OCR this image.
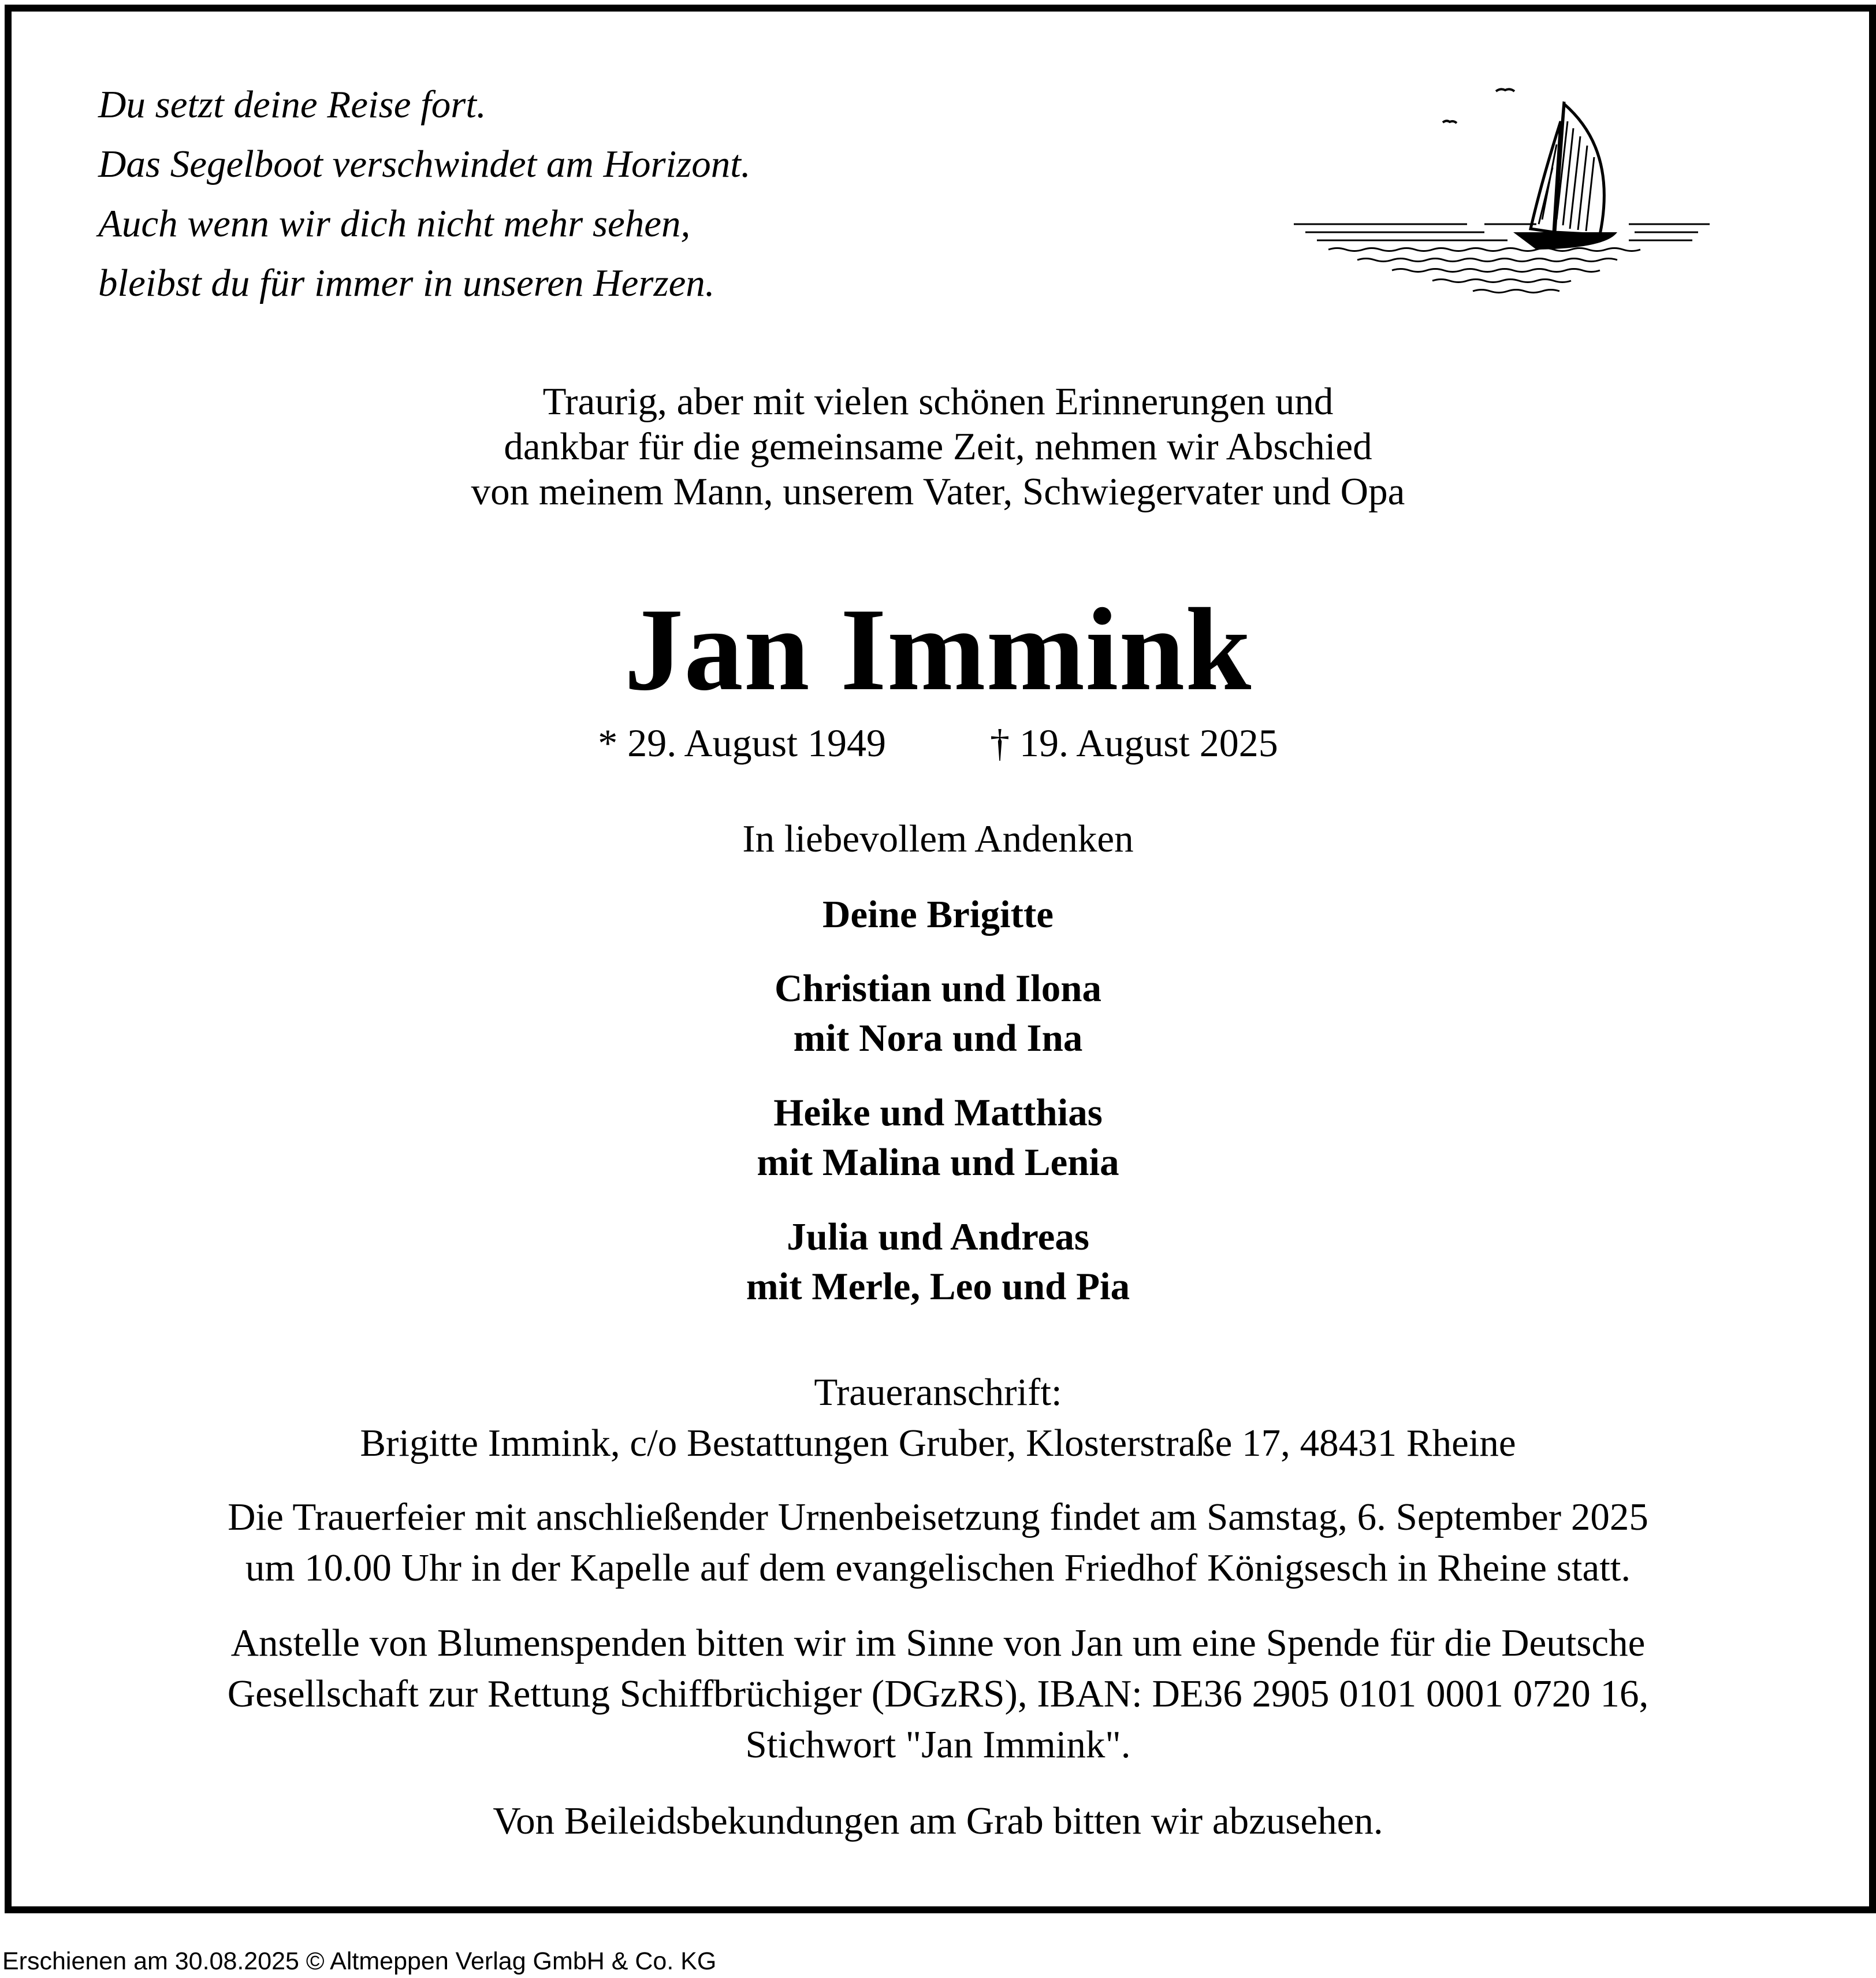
Du setzt deine Reise fort.
Das Segelboot verschwindet am Horizont.
Auch wenn wir dich nicht mehr sehen,
bleibst du für immer in unseren Herzen.
Traurig, aber mit vielen schönen Erinnerungen und
dankbar für die gemeinsame Zeit, nehmen wir Abschied
von meinem Mann, unserem Vater, Schwiegervater und Opa
Jan Immink
* 29. August 1949	† 19. August 2025
In liebevollem Andenken
Deine Brigitte
Christian und Ilona
mit Nora und Ina
Heike und Matthias
mit Malina und Lenia
Julia und Andreas
mit Merle, Leo und Pia
Traueranschrift:
Brigitte Immink, c/o Bestattungen Gruber, Klosterstraße 17, 48431 Rheine
Die Trauerfeier mit anschließender Urnenbeisetzung findet am Samstag, 6. September 2025
um 10.00 Uhr in der Kapelle auf dem evangelischen Friedhof Königsesch in Rheine statt.
Anstelle von Blumenspenden bitten wir im Sinne von Jan um eine Spende für die Deutsche
Gesellschaft zur Rettung Schiffbrüchiger (DGzRS), IBAN: DE36 2905 0101 0001 0720 16,
Stichwort "Jan Immink".
Von Beileidsbekundungen am Grab bitten wir abzusehen.
Erschienen am 30.08.2025 © Altmeppen Verlag GmbH & Co. KG
